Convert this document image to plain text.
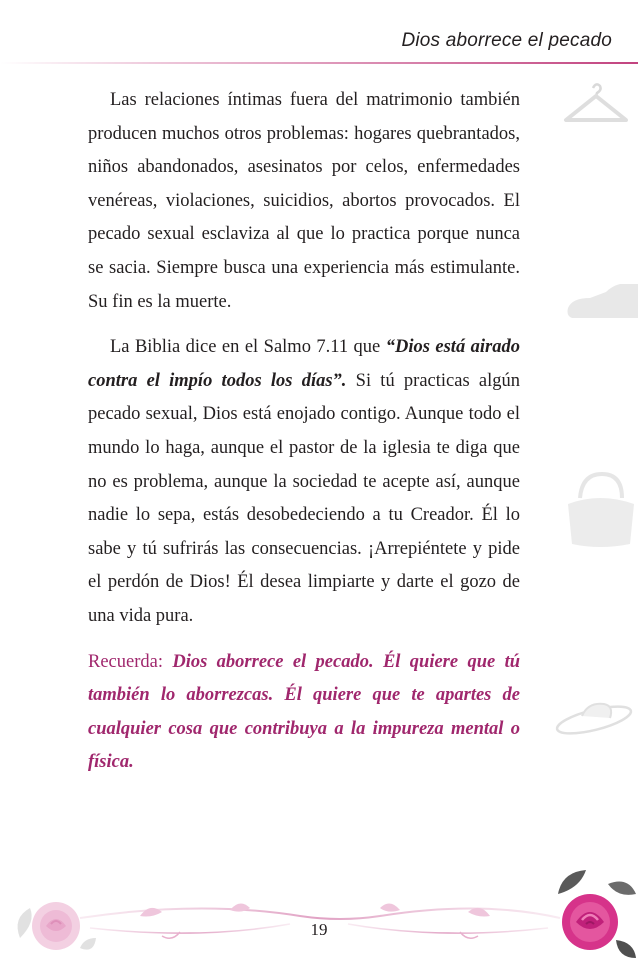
Dios aborrece el pecado

Las relaciones íntimas fuera del matrimonio también producen muchos otros problemas: hogares quebrantados, niños abandonados, asesinatos por celos, enfermedades venéreas, violaciones, suicidios, abortos provocados. El pecado sexual esclaviza al que lo practica porque nunca se sacia. Siempre busca una experiencia más estimulante. Su fin es la muerte.

La Biblia dice en el Salmo 7.11 que “Dios está airado contra el impío todos los días”. Si tú practicas algún pecado sexual, Dios está enojado contigo. Aunque todo el mundo lo haga, aunque el pastor de la iglesia te diga que no es problema, aunque la sociedad te acepte así, aunque nadie lo sepa, estás desobedeciendo a tu Creador. Él lo sabe y tú sufrirás las consecuencias. ¡Arrepiéntete y pide el perdón de Dios! Él desea limpiarte y darte el gozo de una vida pura.

Recuerda: Dios aborrece el pecado. Él quiere que tú también lo aborrezcas. Él quiere que te apartes de cualquier cosa que contribuya a la impureza mental o física.

19
